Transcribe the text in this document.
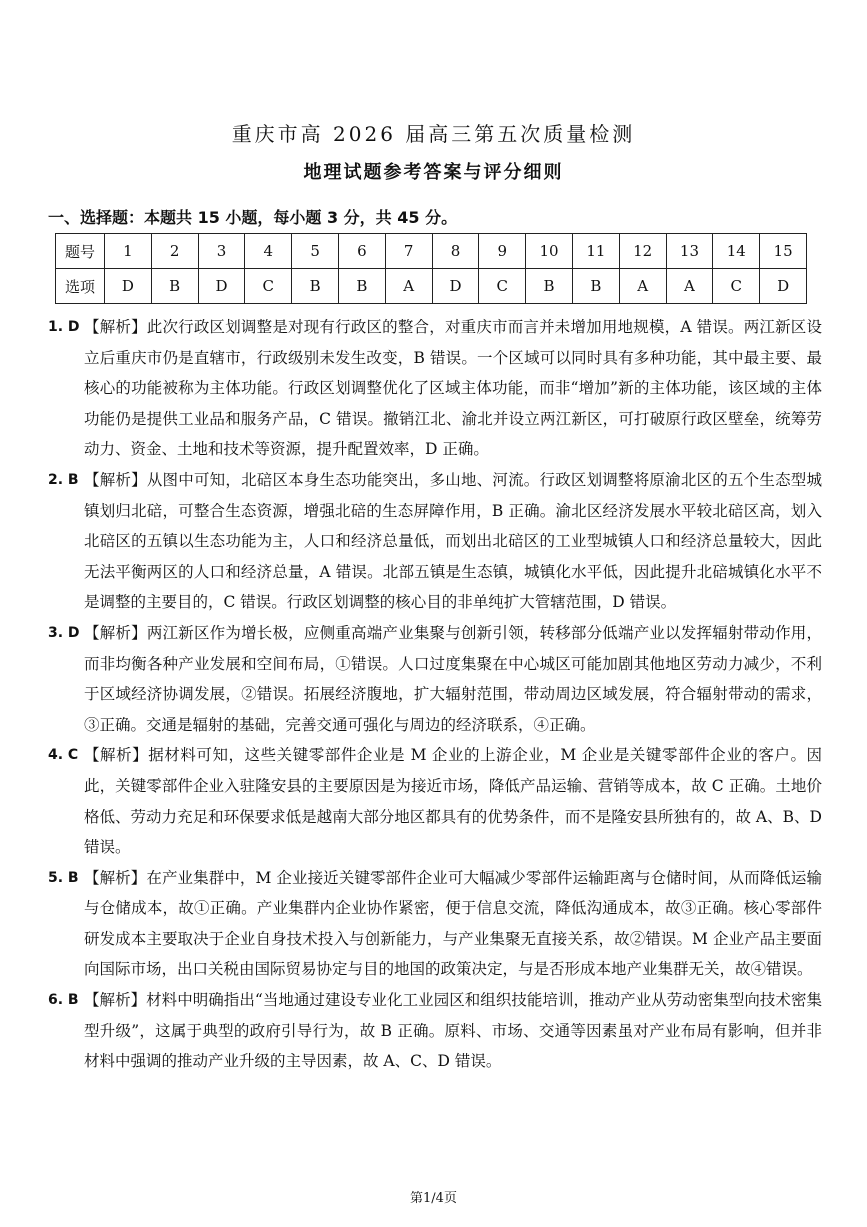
重庆市高 2026 届高三第五次质量检测
地理试题参考答案与评分细则
一、选择题：本题共 15 小题，每小题 3 分，共 45 分。
题号	1	2	3	4	5	6	7	8	9	10	11	12	13	14	15
选项	D	B	D	C	B	B	A	D	C	B	B	A	A	C	D
1. D 【解析】此次行政区划调整是对现有行政区的整合，对重庆市而言并未增加用地规模，A 错误。两江新区设立后重庆市仍是直辖市，行政级别未发生改变，B 错误。一个区域可以同时具有多种功能，其中最主要、最核心的功能被称为主体功能。行政区划调整优化了区域主体功能，而非“增加”新的主体功能，该区域的主体功能仍是提供工业品和服务产品，C 错误。撤销江北、渝北并设立两江新区，可打破原行政区壁垒，统筹劳动力、资金、土地和技术等资源，提升配置效率，D 正确。
2. B 【解析】从图中可知，北碚区本身生态功能突出，多山地、河流。行政区划调整将原渝北区的五个生态型城镇划归北碚，可整合生态资源，增强北碚的生态屏障作用，B 正确。渝北区经济发展水平较北碚区高，划入北碚区的五镇以生态功能为主，人口和经济总量低，而划出北碚区的工业型城镇人口和经济总量较大，因此无法平衡两区的人口和经济总量，A 错误。北部五镇是生态镇，城镇化水平低，因此提升北碚城镇化水平不是调整的主要目的，C 错误。行政区划调整的核心目的非单纯扩大管辖范围，D 错误。
3. D 【解析】两江新区作为增长极，应侧重高端产业集聚与创新引领，转移部分低端产业以发挥辐射带动作用，而非均衡各种产业发展和空间布局，①错误。人口过度集聚在中心城区可能加剧其他地区劳动力减少，不利于区域经济协调发展，②错误。拓展经济腹地，扩大辐射范围，带动周边区域发展，符合辐射带动的需求，③正确。交通是辐射的基础，完善交通可强化与周边的经济联系，④正确。
4. C 【解析】据材料可知，这些关键零部件企业是 M 企业的上游企业，M 企业是关键零部件企业的客户。因此，关键零部件企业入驻隆安县的主要原因是为接近市场，降低产品运输、营销等成本，故 C 正确。土地价格低、劳动力充足和环保要求低是越南大部分地区都具有的优势条件，而不是隆安县所独有的，故 A、B、D 错误。
5. B 【解析】在产业集群中，M 企业接近关键零部件企业可大幅减少零部件运输距离与仓储时间，从而降低运输与仓储成本，故①正确。产业集群内企业协作紧密，便于信息交流，降低沟通成本，故③正确。核心零部件研发成本主要取决于企业自身技术投入与创新能力，与产业集聚无直接关系，故②错误。M 企业产品主要面向国际市场，出口关税由国际贸易协定与目的地国的政策决定，与是否形成本地产业集群无关，故④错误。
6. B 【解析】材料中明确指出“当地通过建设专业化工业园区和组织技能培训，推动产业从劳动密集型向技术密集型升级”，这属于典型的政府引导行为，故 B 正确。原料、市场、交通等因素虽对产业布局有影响，但并非材料中强调的推动产业升级的主导因素，故 A、C、D 错误。
第1/4页
